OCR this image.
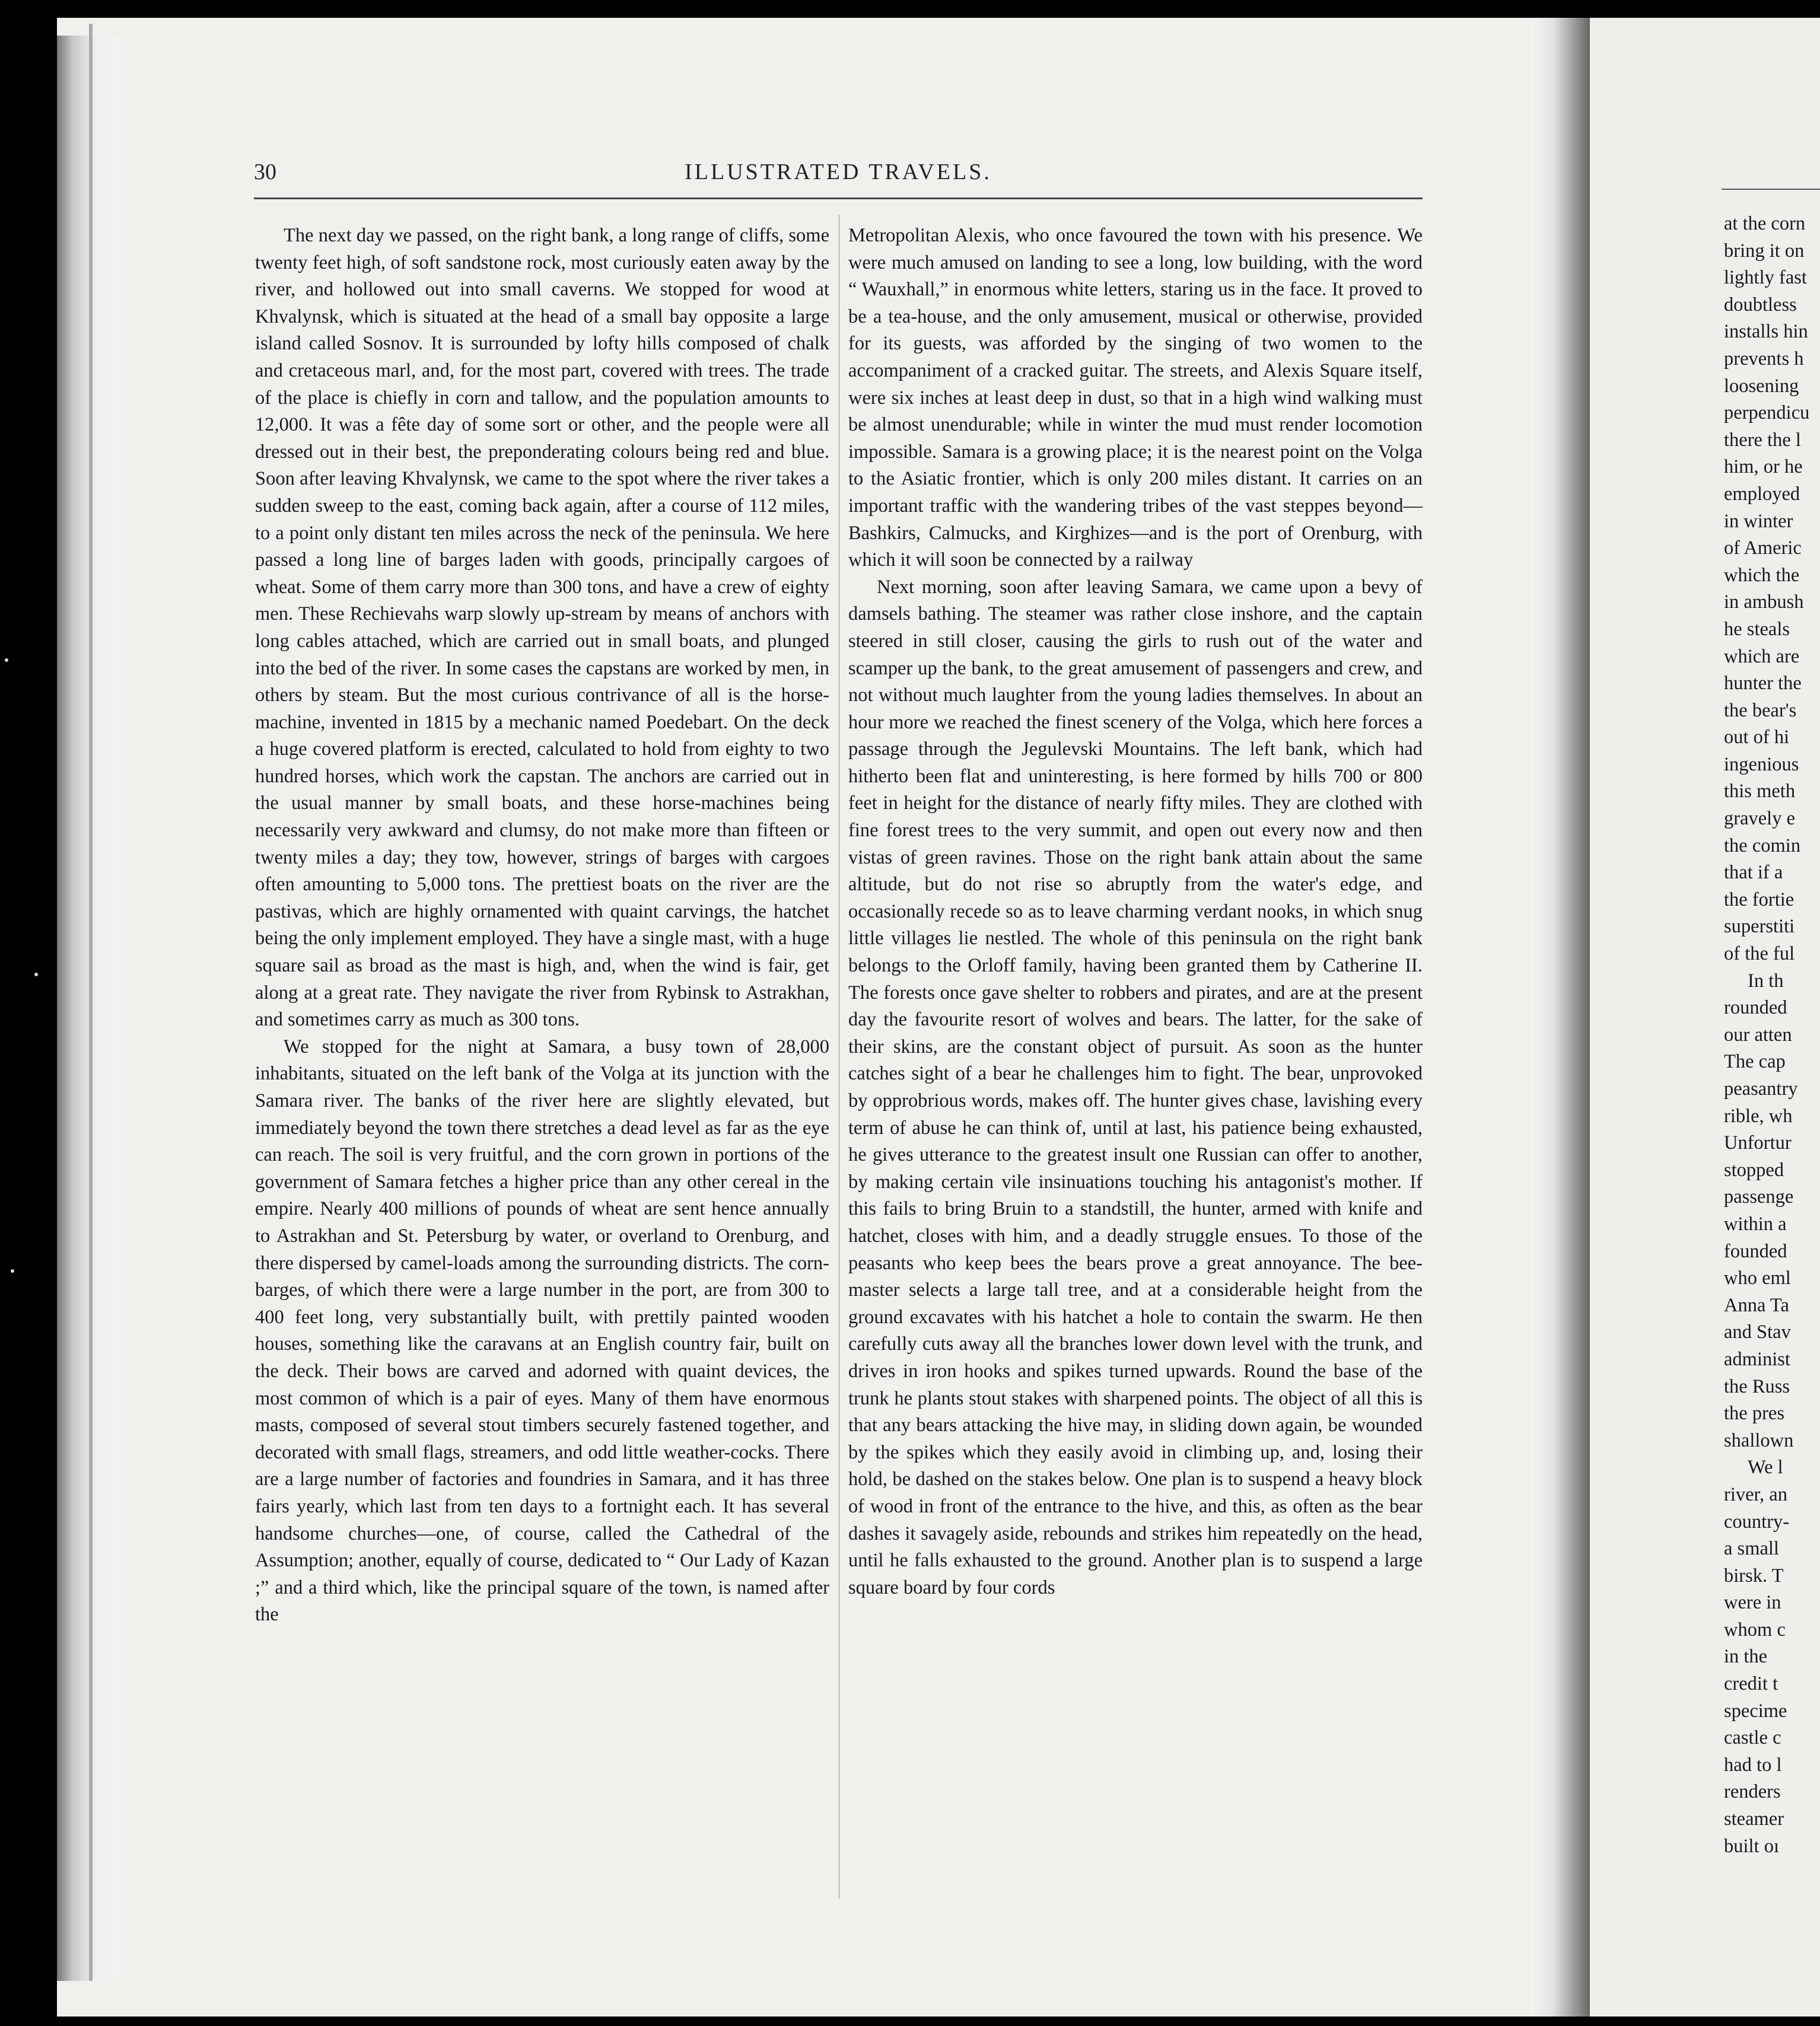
30	ILLUSTRATED TRAVELS.

The next day we passed, on the right bank, a long range of cliffs, some twenty feet high, of soft sandstone rock, most curiously eaten away by the river, and hollowed out into small caverns. We stopped for wood at Khvalynsk, which is situated at the head of a small bay opposite a large island called Sosnov. It is surrounded by lofty hills composed of chalk and cretaceous marl, and, for the most part, covered with trees. The trade of the place is chiefly in corn and tallow, and the population amounts to 12,000. It was a fête day of some sort or other, and the people were all dressed out in their best, the preponderating colours being red and blue. Soon after leaving Khvalynsk, we came to the spot where the river takes a sudden sweep to the east, coming back again, after a course of 112 miles, to a point only distant ten miles across the neck of the peninsula. We here passed a long line of barges laden with goods, principally cargoes of wheat. Some of them carry more than 300 tons, and have a crew of eighty men. These Rechievahs warp slowly up-stream by means of anchors with long cables attached, which are carried out in small boats, and plunged into the bed of the river. In some cases the capstans are worked by men, in others by steam. But the most curious contrivance of all is the horse-machine, invented in 1815 by a mechanic named Poedebart. On the deck a huge covered platform is erected, calculated to hold from eighty to two hundred horses, which work the capstan. The anchors are carried out in the usual manner by small boats, and these horse-machines being necessarily very awkward and clumsy, do not make more than fifteen or twenty miles a day; they tow, however, strings of barges with cargoes often amounting to 5,000 tons. The prettiest boats on the river are the pastivas, which are highly ornamented with quaint carvings, the hatchet being the only implement employed. They have a single mast, with a huge square sail as broad as the mast is high, and, when the wind is fair, get along at a great rate. They navigate the river from Rybinsk to Astrakhan, and sometimes carry as much as 300 tons.

We stopped for the night at Samara, a busy town of 28,000 inhabitants, situated on the left bank of the Volga at its junction with the Samara river. The banks of the river here are slightly elevated, but immediately beyond the town there stretches a dead level as far as the eye can reach. The soil is very fruitful, and the corn grown in portions of the government of Samara fetches a higher price than any other cereal in the empire. Nearly 400 millions of pounds of wheat are sent hence annually to Astrakhan and St. Petersburg by water, or overland to Orenburg, and there dispersed by camel-loads among the surrounding districts. The corn-barges, of which there were a large number in the port, are from 300 to 400 feet long, very substantially built, with prettily painted wooden houses, something like the caravans at an English country fair, built on the deck. Their bows are carved and adorned with quaint devices, the most common of which is a pair of eyes. Many of them have enormous masts, composed of several stout timbers securely fastened together, and decorated with small flags, streamers, and odd little weather-cocks. There are a large number of factories and foundries in Samara, and it has three fairs yearly, which last from ten days to a fortnight each. It has several handsome churches—one, of course, called the Cathedral of the Assumption; another, equally of course, dedicated to “ Our Lady of Kazan ;” and a third which, like the principal square of the town, is named after the

Metropolitan Alexis, who once favoured the town with his presence. We were much amused on landing to see a long, low building, with the word “ Wauxhall,” in enormous white letters, staring us in the face. It proved to be a tea-house, and the only amusement, musical or otherwise, provided for its guests, was afforded by the singing of two women to the accompaniment of a cracked guitar. The streets, and Alexis Square itself, were six inches at least deep in dust, so that in a high wind walking must be almost unendurable; while in winter the mud must render locomotion impossible. Samara is a growing place; it is the nearest point on the Volga to the Asiatic frontier, which is only 200 miles distant. It carries on an important traffic with the wandering tribes of the vast steppes beyond—Bashkirs, Calmucks, and Kirghizes—and is the port of Orenburg, with which it will soon be connected by a railway

Next morning, soon after leaving Samara, we came upon a bevy of damsels bathing. The steamer was rather close inshore, and the captain steered in still closer, causing the girls to rush out of the water and scamper up the bank, to the great amusement of passengers and crew, and not without much laughter from the young ladies themselves. In about an hour more we reached the finest scenery of the Volga, which here forces a passage through the Jegulevski Mountains. The left bank, which had hitherto been flat and uninteresting, is here formed by hills 700 or 800 feet in height for the distance of nearly fifty miles. They are clothed with fine forest trees to the very summit, and open out every now and then vistas of green ravines. Those on the right bank attain about the same altitude, but do not rise so abruptly from the water's edge, and occasionally recede so as to leave charming verdant nooks, in which snug little villages lie nestled. The whole of this peninsula on the right bank belongs to the Orloff family, having been granted them by Catherine II. The forests once gave shelter to robbers and pirates, and are at the present day the favourite resort of wolves and bears. The latter, for the sake of their skins, are the constant object of pursuit. As soon as the hunter catches sight of a bear he challenges him to fight. The bear, unprovoked by opprobrious words, makes off. The hunter gives chase, lavishing every term of abuse he can think of, until at last, his patience being exhausted, he gives utterance to the greatest insult one Russian can offer to another, by making certain vile insinuations touching his antagonist's mother. If this fails to bring Bruin to a standstill, the hunter, armed with knife and hatchet, closes with him, and a deadly struggle ensues. To those of the peasants who keep bees the bears prove a great annoyance. The bee-master selects a large tall tree, and at a considerable height from the ground excavates with his hatchet a hole to contain the swarm. He then carefully cuts away all the branches lower down level with the trunk, and drives in iron hooks and spikes turned upwards. Round the base of the trunk he plants stout stakes with sharpened points. The object of all this is that any bears attacking the hive may, in sliding down again, be wounded by the spikes which they easily avoid in climbing up, and, losing their hold, be dashed on the stakes below. One plan is to suspend a heavy block of wood in front of the entrance to the hive, and this, as often as the bear dashes it savagely aside, rebounds and strikes him repeatedly on the head, until he falls exhausted to the ground. Another plan is to suspend a large square board by four cords

at the corn
bring it on
lightly fast
doubtless
installs hin
prevents h
loosening
perpendicu
there the l
him, or he
employed
in winter
of Americ
which the
in ambush
he steals
which are
hunter the
the bear's
out of hi
ingenious
this meth
gravely e
the comin
that if a
the fortie
superstiti
of the ful
In th
rounded
our atten
The cap
peasantry
rible, wh
Unfortur
stopped
passenge
within a
founded
who eml
Anna Ta
and Stav
administ
the Russ
the pres
shallown
We l
river, an
country-
a small
birsk. T
were in
whom c
in the
credit t
specime
castle c
had to l
renders
steamer
built oı
